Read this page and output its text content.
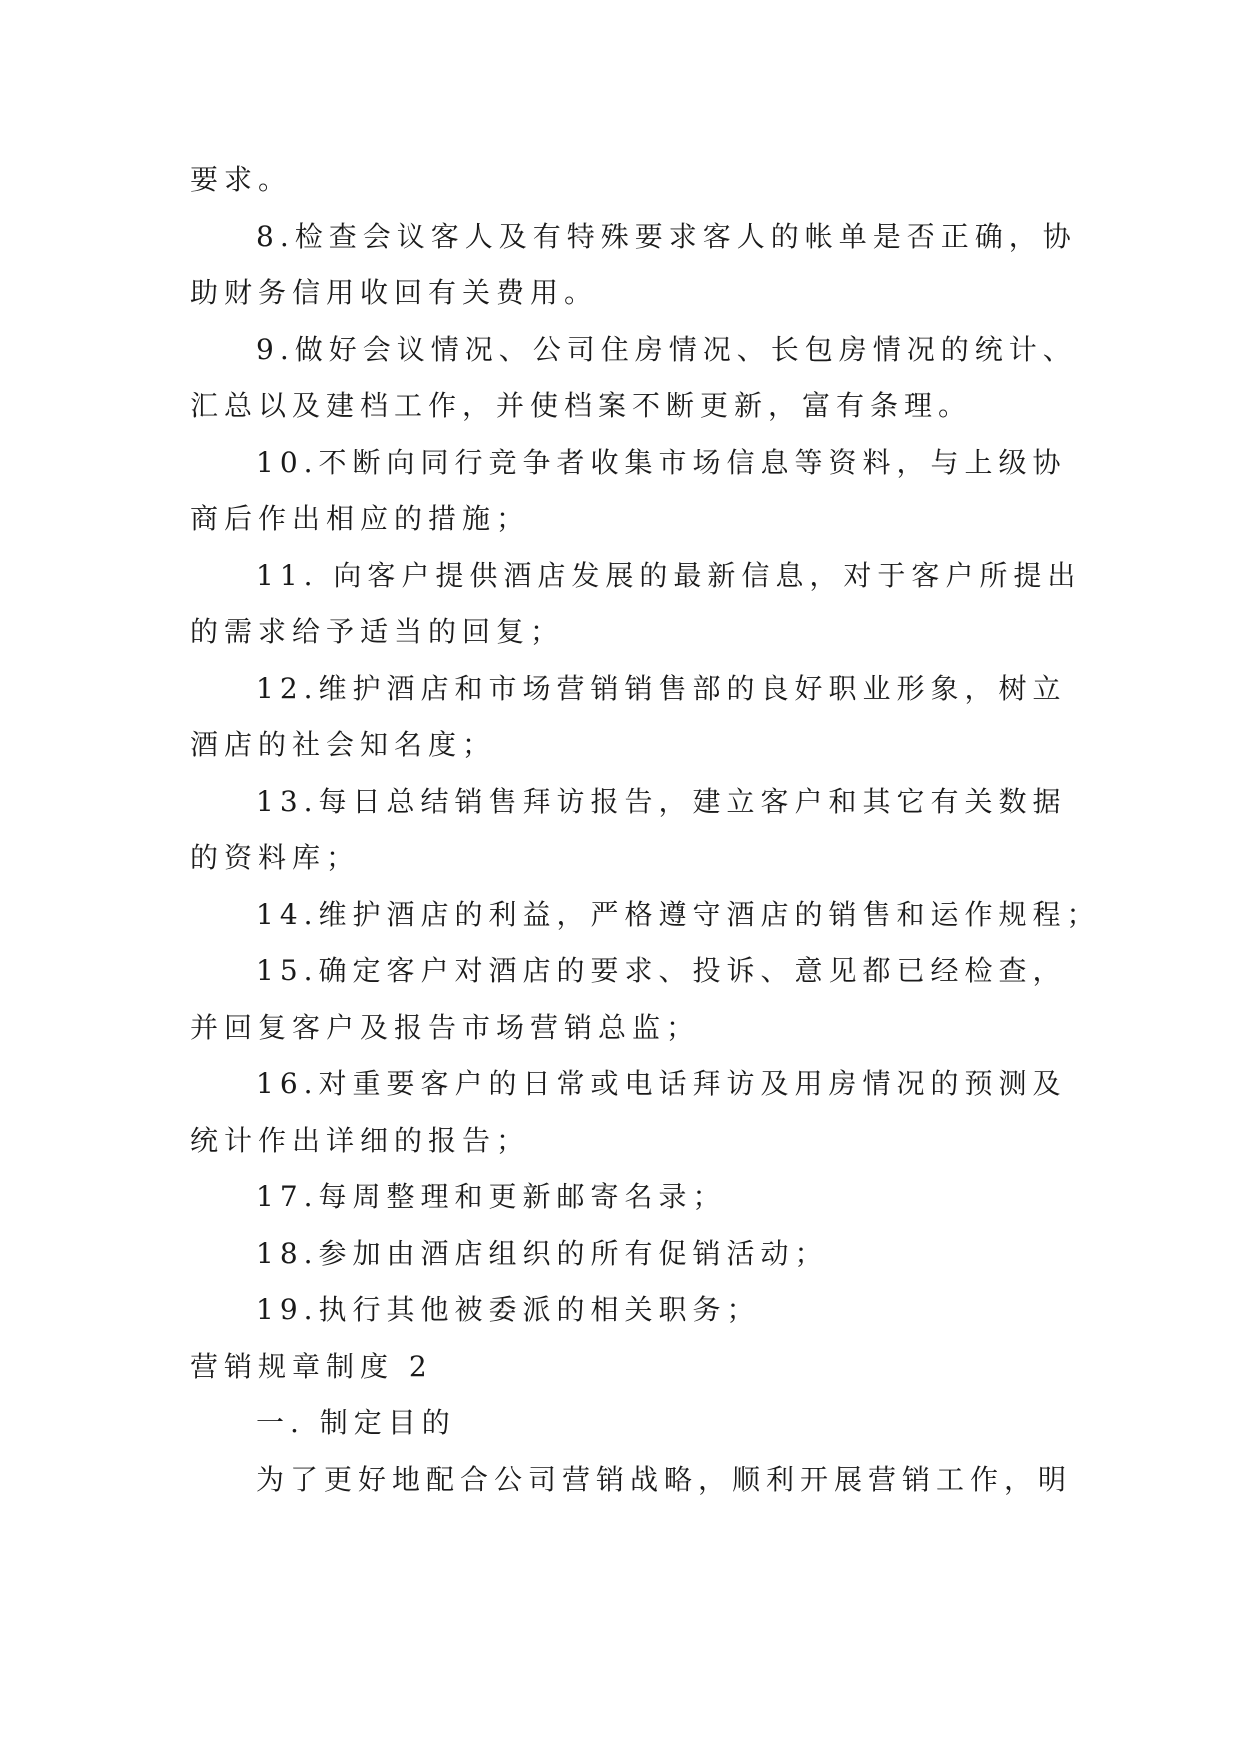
要求。
8.检查会议客人及有特殊要求客人的帐单是否正确，协
助财务信用收回有关费用。
9.做好会议情况、公司住房情况、长包房情况的统计、
汇总以及建档工作，并使档案不断更新，富有条理。
10.不断向同行竞争者收集市场信息等资料，与上级协
商后作出相应的措施；
11. 向客户提供酒店发展的最新信息，对于客户所提出
的需求给予适当的回复；
12.维护酒店和市场营销销售部的良好职业形象，树立
酒店的社会知名度；
13.每日总结销售拜访报告，建立客户和其它有关数据
的资料库；
14.维护酒店的利益，严格遵守酒店的销售和运作规程；
15.确定客户对酒店的要求、投诉、意见都已经检查，
并回复客户及报告市场营销总监；
16.对重要客户的日常或电话拜访及用房情况的预测及
统计作出详细的报告；
17.每周整理和更新邮寄名录；
18.参加由酒店组织的所有促销活动；
19.执行其他被委派的相关职务；
营销规章制度 2
一. 制定目的
为了更好地配合公司营销战略，顺利开展营销工作，明
